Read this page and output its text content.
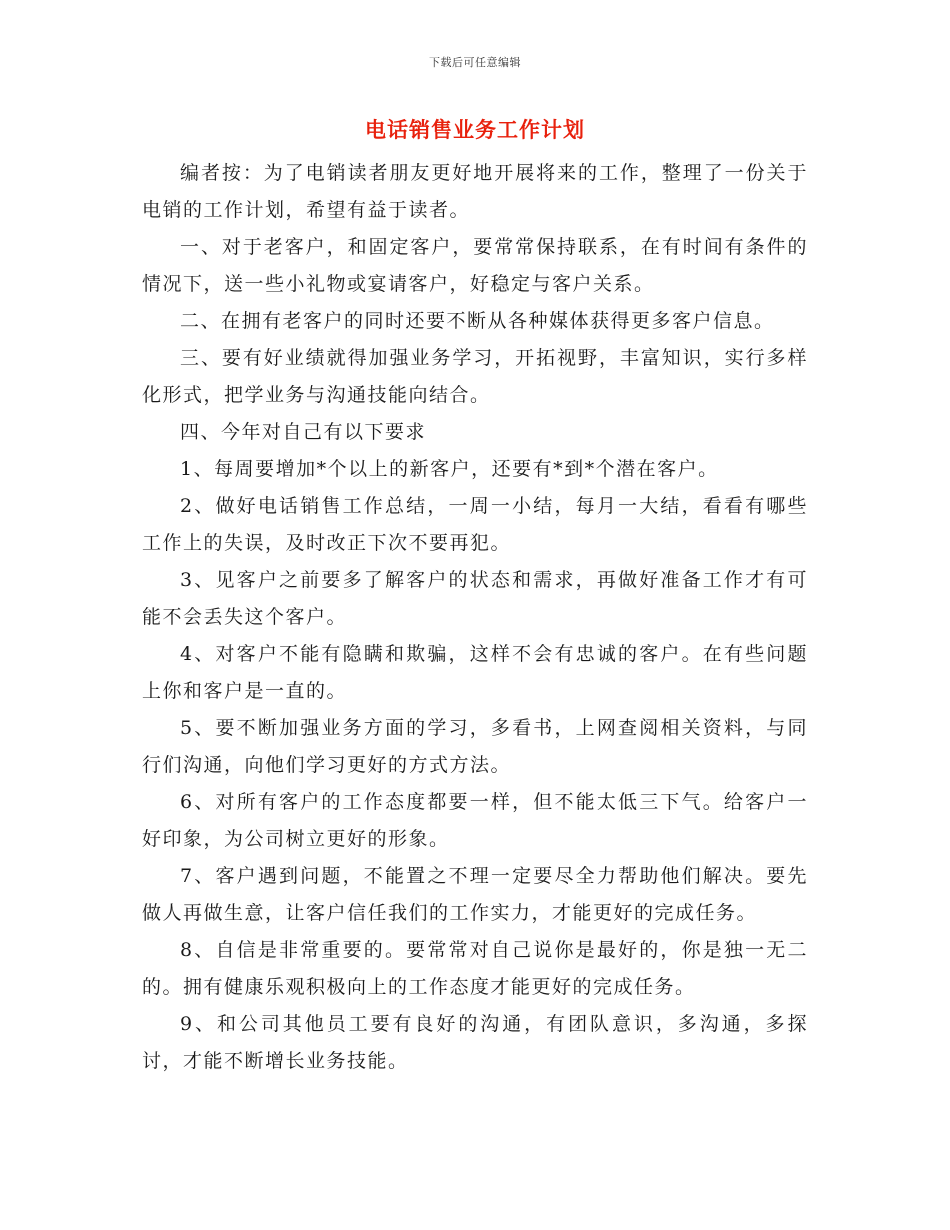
下载后可任意编辑
电话销售业务工作计划

编者按：为了电销读者朋友更好地开展将来的工作，整理了一份关于电销的工作计划，希望有益于读者。

一、对于老客户，和固定客户，要常常保持联系，在有时间有条件的情况下，送一些小礼物或宴请客户，好稳定与客户关系。

二、在拥有老客户的同时还要不断从各种媒体获得更多客户信息。

三、要有好业绩就得加强业务学习，开拓视野，丰富知识，实行多样化形式，把学业务与沟通技能向结合。

四、今年对自己有以下要求

1、每周要增加*个以上的新客户，还要有*到*个潜在客户。

2、做好电话销售工作总结，一周一小结，每月一大结，看看有哪些工作上的失误，及时改正下次不要再犯。

3、见客户之前要多了解客户的状态和需求，再做好准备工作才有可能不会丢失这个客户。

4、对客户不能有隐瞒和欺骗，这样不会有忠诚的客户。在有些问题上你和客户是一直的。

5、要不断加强业务方面的学习，多看书，上网查阅相关资料，与同行们沟通，向他们学习更好的方式方法。

6、对所有客户的工作态度都要一样，但不能太低三下气。给客户一好印象，为公司树立更好的形象。

7、客户遇到问题，不能置之不理一定要尽全力帮助他们解决。要先做人再做生意，让客户信任我们的工作实力，才能更好的完成任务。

8、自信是非常重要的。要常常对自己说你是最好的，你是独一无二的。拥有健康乐观积极向上的工作态度才能更好的完成任务。

9、和公司其他员工要有良好的沟通，有团队意识，多沟通，多探讨，才能不断增长业务技能。
